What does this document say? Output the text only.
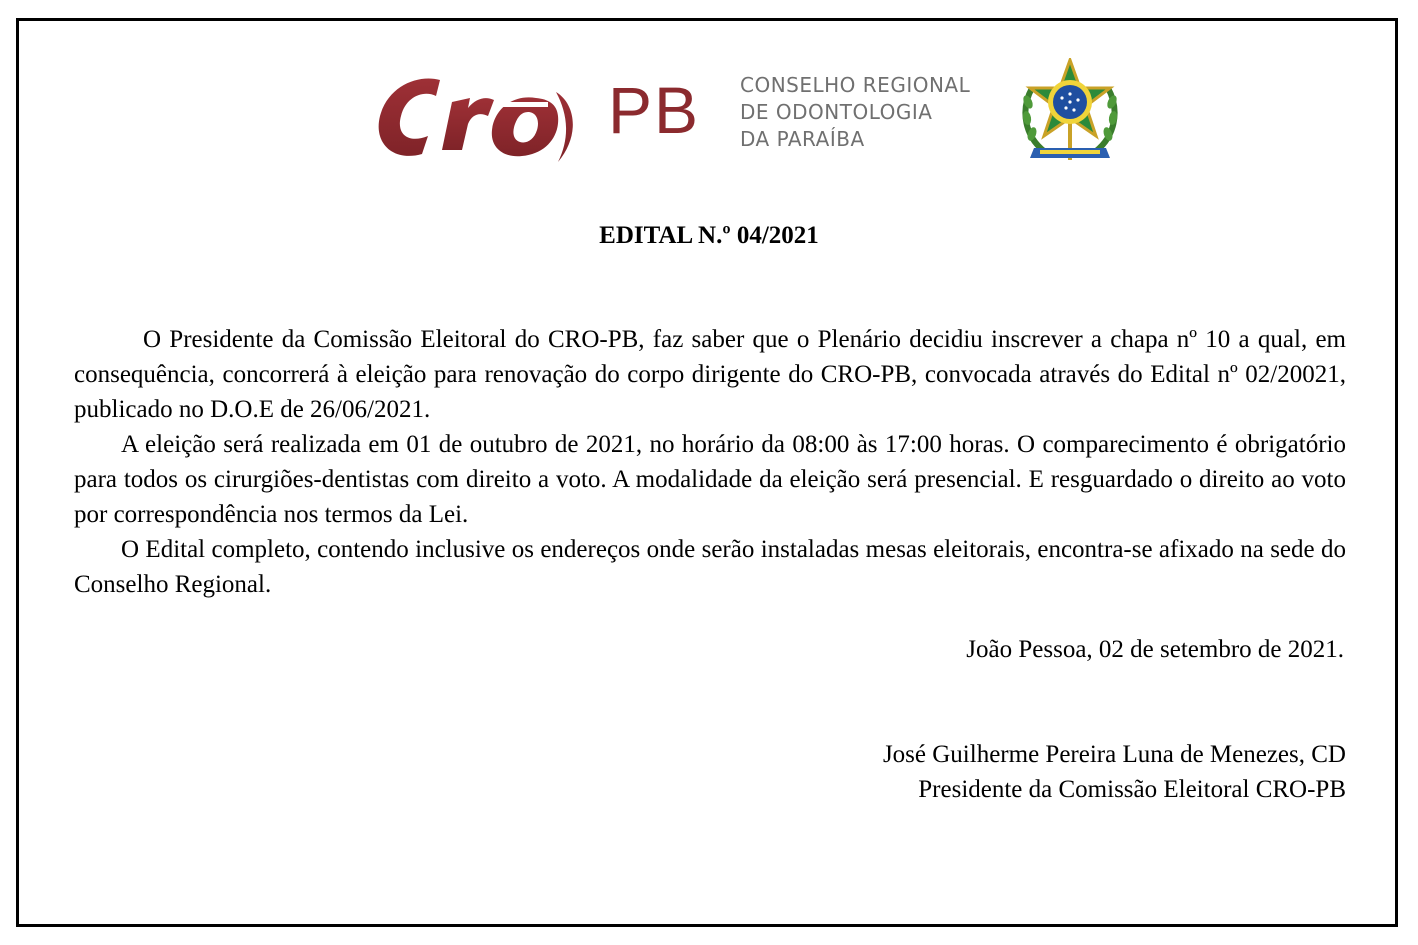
PB CONSELHO REGIONAL
DE ODONTOLOGIA
DA PARAÍBA
EDITAL N.º 04/2021

O Presidente da Comissão Eleitoral do CRO-PB, faz saber que o Plenário decidiu inscrever a chapa nº 10 a qual, em consequência, concorrerá à eleição para renovação do corpo dirigente do CRO-PB, convocada através do Edital nº 02/20021, publicado no D.O.E de 26/06/2021.

A eleição será realizada em 01 de outubro de 2021, no horário da 08:00 às 17:00 horas. O comparecimento é obrigatório para todos os cirurgiões-dentistas com direito a voto. A modalidade da eleição será presencial. E resguardado o direito ao voto por correspondência nos termos da Lei.

O Edital completo, contendo inclusive os endereços onde serão instaladas mesas eleitorais, encontra-se afixado na sede do Conselho Regional.

João Pessoa, 02 de setembro de 2021.
José Guilherme Pereira Luna de Menezes, CD
Presidente da Comissão Eleitoral CRO-PB
